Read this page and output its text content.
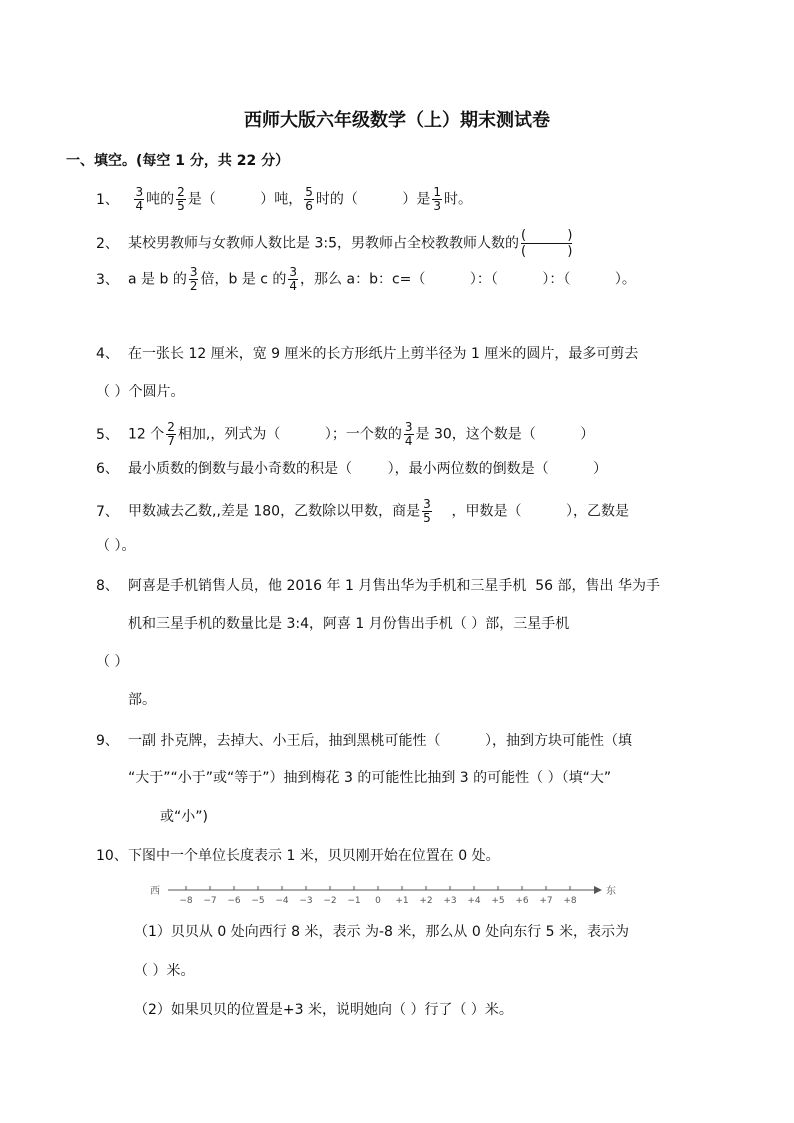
西师大版六年级数学（上）期末测试卷
一、填空。(每空 1 分，共 22 分）
1、 $\frac{3}{4}$ 吨的 $\frac{2}{5}$ 是（          ）吨， $\frac{5}{6}$ 时的（          ）是 $\frac{1}{3}$ 时。
2、 某校男教师与女教师人数比是 3:5，男教师占全校教教师人数的 (          )
(          )
3、 a 是 b 的 $\frac{3}{2}$ 倍，b 是 c 的 $\frac{3}{4}$ ，那么 a：b：c=（          ）：（          ）：（          ）。
4、 在一张长 12 厘米，宽 9 厘米的长方形纸片上剪半径为 1 厘米的圆片，最多可剪去
（ ）个圆片。
5、 12 个 $\frac{2}{7}$ 相加,，列式为（          ）；一个数的 $\frac{3}{4}$ 是 30，这个数是（          ）
6、 最小质数的倒数与最小奇数的积是（        ），最小两位数的倒数是（          ）
7、 甲数减去乙数,,差是 180，乙数除以甲数，商是 $\frac{3}{5}$ ，甲数是（          ），乙数是
（ ）。
8、 阿喜是手机销售人员，他 2016 年 1 月售出华为手机和三星手机  56 部，售出 华为手
机和三星手机的数量比是 3:4，阿喜 1 月份售出手机（ ）部，三星手机
（ ）
部。
9、 一副 扑克牌，去掉大、小王后，抽到黑桃可能性（          ），抽到方块可能性（填
“大于”“小于”或“等于”）抽到梅花 3 的可能性比抽到 3 的可能性（ ）（填“大”
或“小”)
10、下图中一个单位长度表示 1 米，贝贝刚开始在位置在 0 处。
西	东
−8 −7 −6 −5 −4 −3 −2 −1 0 +1 +2 +3 +4 +5 +6 +7 +8
（1）贝贝从 0 处向西行 8 米，表示 为-8 米，那么从 0 处向东行 5 米，表示为
（ ）米。
（2）如果贝贝的位置是+3 米，说明她向（ ）行了（ ）米。
